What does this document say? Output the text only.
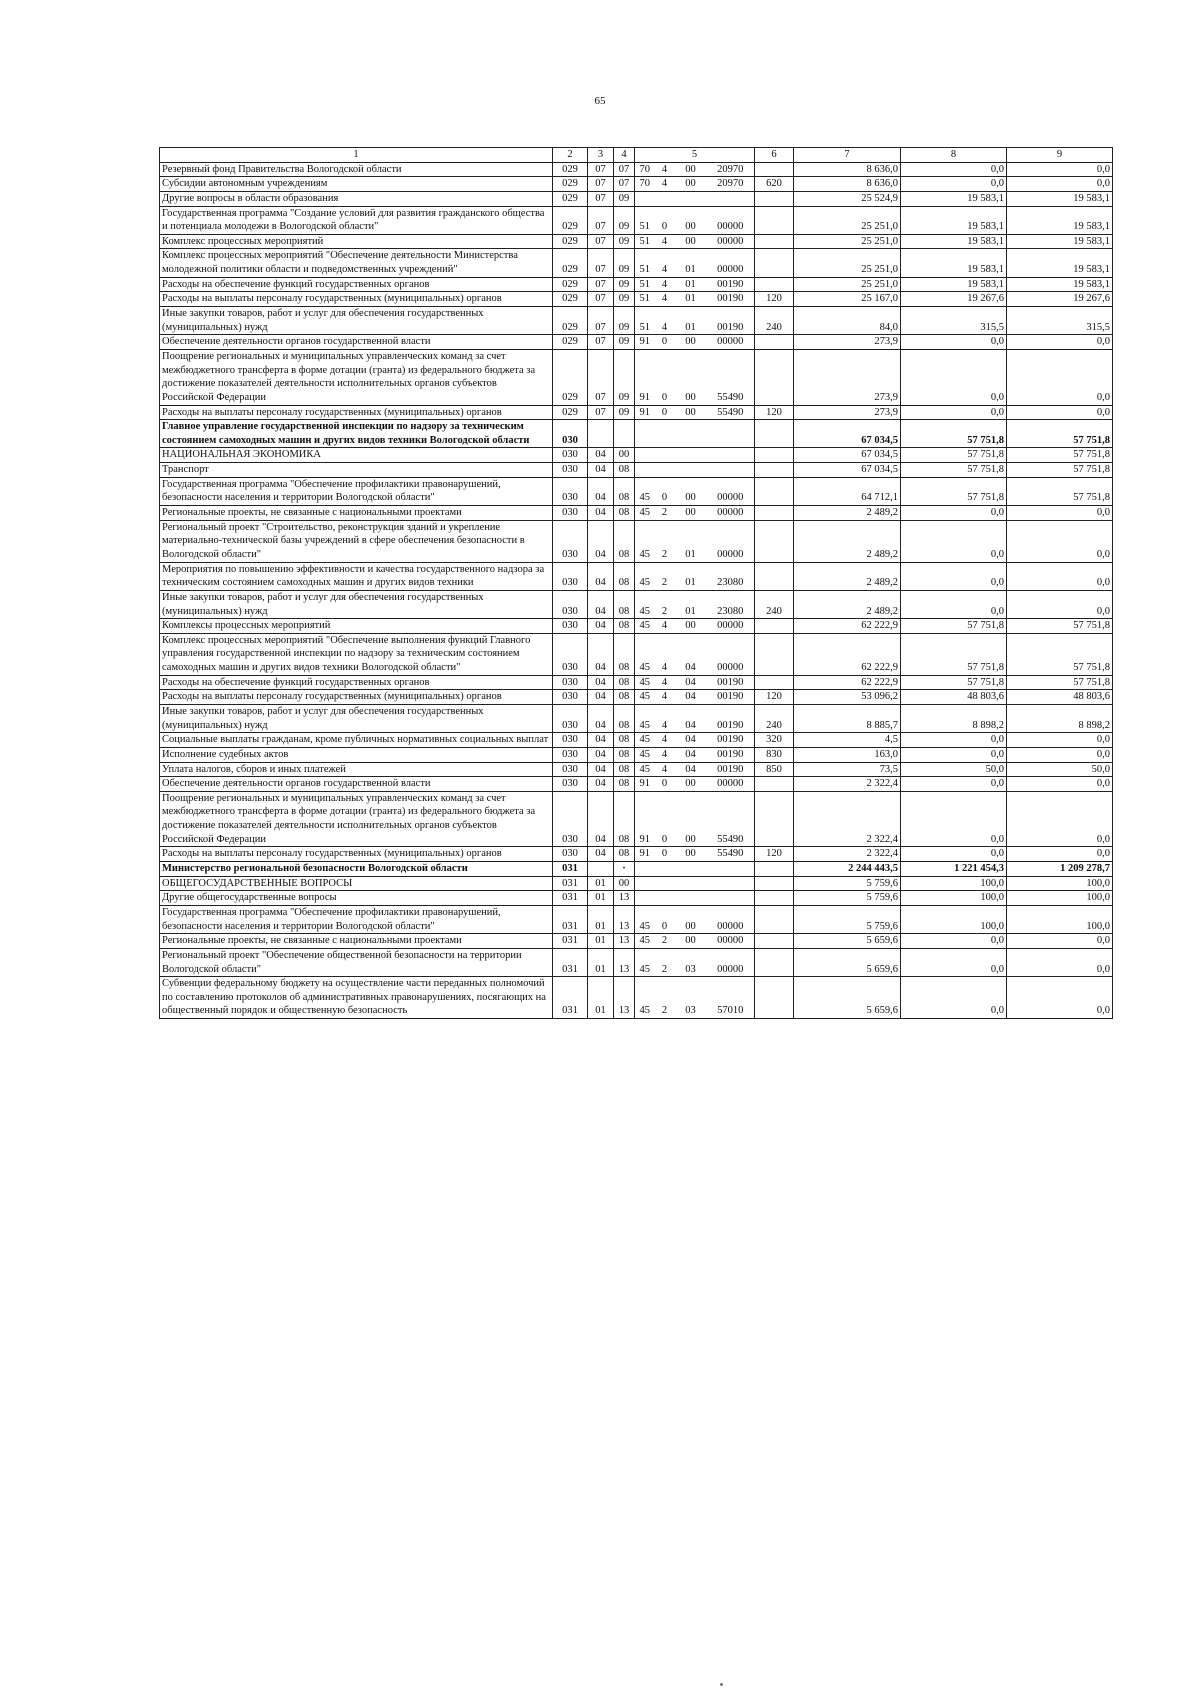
65
1	2	3	4	5				6	7	8	9
Резервный фонд Правительства Вологодской области	029	07	07	70	4	00	20970		8 636,0	0,0	0,0
Субсидии автономным учреждениям	029	07	07	70	4	00	20970	620	8 636,0	0,0	0,0
Другие вопросы в области образования	029	07	09						25 524,9	19 583,1	19 583,1
Государственная программа "Создание условий для развития гражданского общества и потенциала молодежи в Вологодской области"	029	07	09	51	0	00	00000		25 251,0	19 583,1	19 583,1
Комплекс процессных мероприятий	029	07	09	51	4	00	00000		25 251,0	19 583,1	19 583,1
Комплекс процессных мероприятий "Обеспечение деятельности Министерства молодежной политики области и подведомственных учреждений"	029	07	09	51	4	01	00000		25 251,0	19 583,1	19 583,1
Расходы на обеспечение функций государственных органов	029	07	09	51	4	01	00190		25 251,0	19 583,1	19 583,1
Расходы на выплаты персоналу государственных (муниципальных) органов	029	07	09	51	4	01	00190	120	25 167,0	19 267,6	19 267,6
Иные закупки товаров, работ и услуг для обеспечения государственных (муниципальных) нужд	029	07	09	51	4	01	00190	240	84,0	315,5	315,5
Обеспечение деятельности органов государственной власти	029	07	09	91	0	00	00000		273,9	0,0	0,0
Поощрение региональных и муниципальных управленческих команд за счет межбюджетного трансферта в форме дотации (гранта) из федерального бюджета за достижение показателей деятельности исполнительных органов субъектов Российской Федерации	029	07	09	91	0	00	55490		273,9	0,0	0,0
Расходы на выплаты персоналу государственных (муниципальных) органов	029	07	09	91	0	00	55490	120	273,9	0,0	0,0
Главное управление государственной инспекции по надзору за техническим состоянием самоходных машин и других видов техники Вологодской области	030								67 034,5	57 751,8	57 751,8
НАЦИОНАЛЬНАЯ ЭКОНОМИКА	030	04	00						67 034,5	57 751,8	57 751,8
Транспорт	030	04	08						67 034,5	57 751,8	57 751,8
Государственная программа "Обеспечение профилактики правонарушений, безопасности населения и территории Вологодской области"	030	04	08	45	0	00	00000		64 712,1	57 751,8	57 751,8
Региональные проекты, не связанные с национальными проектами	030	04	08	45	2	00	00000		2 489,2	0,0	0,0
Региональный проект "Строительство, реконструкция зданий и укрепление материально-технической базы учреждений в сфере обеспечения безопасности в Вологодской области"	030	04	08	45	2	01	00000		2 489,2	0,0	0,0
Мероприятия по повышению эффективности и качества государственного надзора за техническим состоянием самоходных машин и других видов техники	030	04	08	45	2	01	23080		2 489,2	0,0	0,0
Иные закупки товаров, работ и услуг для обеспечения государственных (муниципальных) нужд	030	04	08	45	2	01	23080	240	2 489,2	0,0	0,0
Комплексы процессных мероприятий	030	04	08	45	4	00	00000		62 222,9	57 751,8	57 751,8
Комплекс процессных мероприятий "Обеспечение выполнения функций Главного управления государственной инспекции по надзору за техническим состоянием самоходных машин и других видов техники Вологодской области"	030	04	08	45	4	04	00000		62 222,9	57 751,8	57 751,8
Расходы на обеспечение функций государственных органов	030	04	08	45	4	04	00190		62 222,9	57 751,8	57 751,8
Расходы на выплаты персоналу государственных (муниципальных) органов	030	04	08	45	4	04	00190	120	53 096,2	48 803,6	48 803,6
Иные закупки товаров, работ и услуг для обеспечения государственных (муниципальных) нужд	030	04	08	45	4	04	00190	240	8 885,7	8 898,2	8 898,2
Социальные выплаты гражданам, кроме публичных нормативных социальных выплат	030	04	08	45	4	04	00190	320	4,5	0,0	0,0
Исполнение судебных актов	030	04	08	45	4	04	00190	830	163,0	0,0	0,0
Уплата налогов, сборов и иных платежей	030	04	08	45	4	04	00190	850	73,5	50,0	50,0
Обеспечение деятельности органов государственной власти	030	04	08	91	0	00	00000		2 322,4	0,0	0,0
Поощрение региональных и муниципальных управленческих команд за счет межбюджетного трансферта в форме дотации (гранта) из федерального бюджета за достижение показателей деятельности исполнительных органов субъектов Российской Федерации	030	04	08	91	0	00	55490		2 322,4	0,0	0,0
Расходы на выплаты персоналу государственных (муниципальных) органов	030	04	08	91	0	00	55490	120	2 322,4	0,0	0,0
Министерство региональной безопасности Вологодской области	031		·						2 244 443,5	1 221 454,3	1 209 278,7
ОБЩЕГОСУДАРСТВЕННЫЕ ВОПРОСЫ	031	01	00						5 759,6	100,0	100,0
Другие общегосударственные вопросы	031	01	13						5 759,6	100,0	100,0
Государственная программа "Обеспечение профилактики правонарушений, безопасности населения и территории Вологодской области"	031	01	13	45	0	00	00000		5 759,6	100,0	100,0
Региональные проекты, не связанные с национальными проектами	031	01	13	45	2	00	00000		5 659,6	0,0	0,0
Региональный проект "Обеспечение общественной безопасности на территории Вологодской области"	031	01	13	45	2	03	00000		5 659,6	0,0	0,0
Субвенции федеральному бюджету на осуществление части переданных полномочий по составлению протоколов об административных правонарушениях, посягающих на общественный порядок и общественную безопасность	031	01	13	45	2	03	57010		5 659,6	0,0	0,0
